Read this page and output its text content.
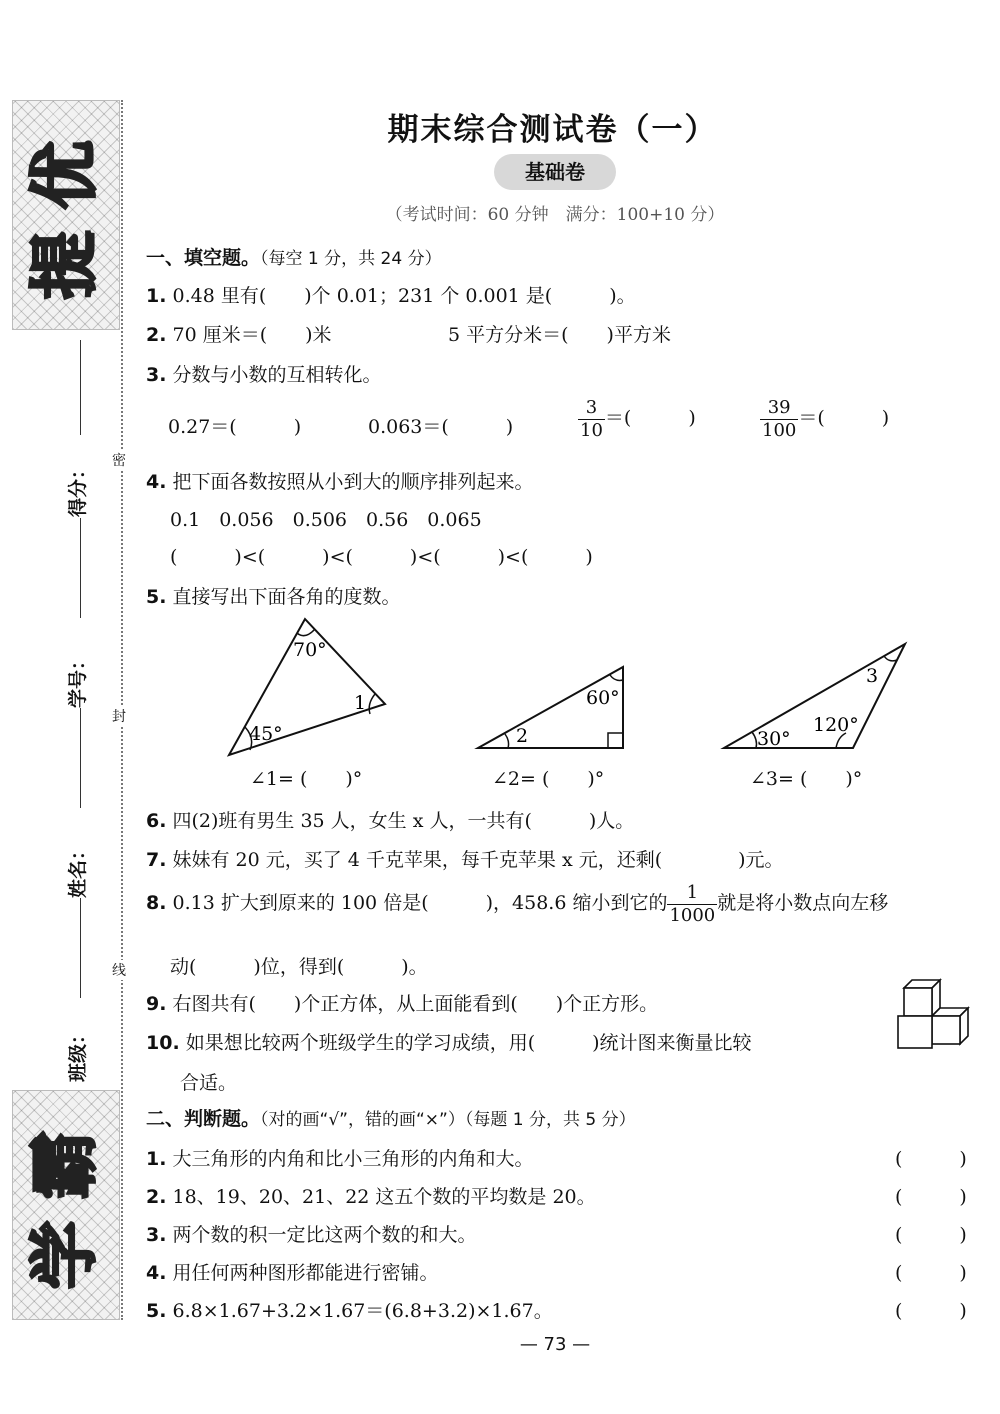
优
提
霸
学
得分：
学号：
姓名：
班级：
密
封
线
期末综合测试卷（一）
基础卷
（考试时间：60 分钟　满分：100+10 分）
一、填空题。（每空 1 分，共 24 分）
1. 0.48 里有(　　)个 0.01；231 个 0.001 是(　　　)。
2. 70 厘米＝(　　)米	5 平方分米＝(　　)平方米
3. 分数与小数的互相转化。
0.27＝(　　　)	0.063＝(　　　)	$\frac{3}{10}$ ＝(　　　)	$\frac{39}{100}$ ＝(　　　)
4. 把下面各数按照从小到大的顺序排列起来。
0.1　0.056　0.506　0.56　0.065
(　　　)<(　　　)<(　　　)<(　　　)<(　　　)
5. 直接写出下面各角的度数。
70°
1
45°
60°
2
3
30°
120°
∠1= (　　)°	∠2= (　　)°	∠3= (　　)°
6. 四(2)班有男生 35 人，女生 x 人，一共有(　　　)人。
7. 妹妹有 20 元，买了 4 千克苹果，每千克苹果 x 元，还剩(　　　　)元。
8. 0.13 扩大到原来的 100 倍是(　　　)，458.6 缩小到它的 $\frac{1}{1000}$ 就是将小数点向左移
动(　　　)位，得到(　　　)。
9. 右图共有(　　)个正方体，从上面能看到(　　)个正方形。
10. 如果想比较两个班级学生的学习成绩，用(　　　)统计图来衡量比较
合适。
二、判断题。（对的画“√”，错的画“×”）（每题 1 分，共 5 分）
1. 大三角形的内角和比小三角形的内角和大。	(　　　)
2. 18、19、20、21、22 这五个数的平均数是 20。	(　　　)
3. 两个数的积一定比这两个数的和大。	(　　　)
4. 用任何两种图形都能进行密铺。	(　　　)
5. 6.8×1.67+3.2×1.67＝(6.8+3.2)×1.67。	(　　　)
— 73 —
